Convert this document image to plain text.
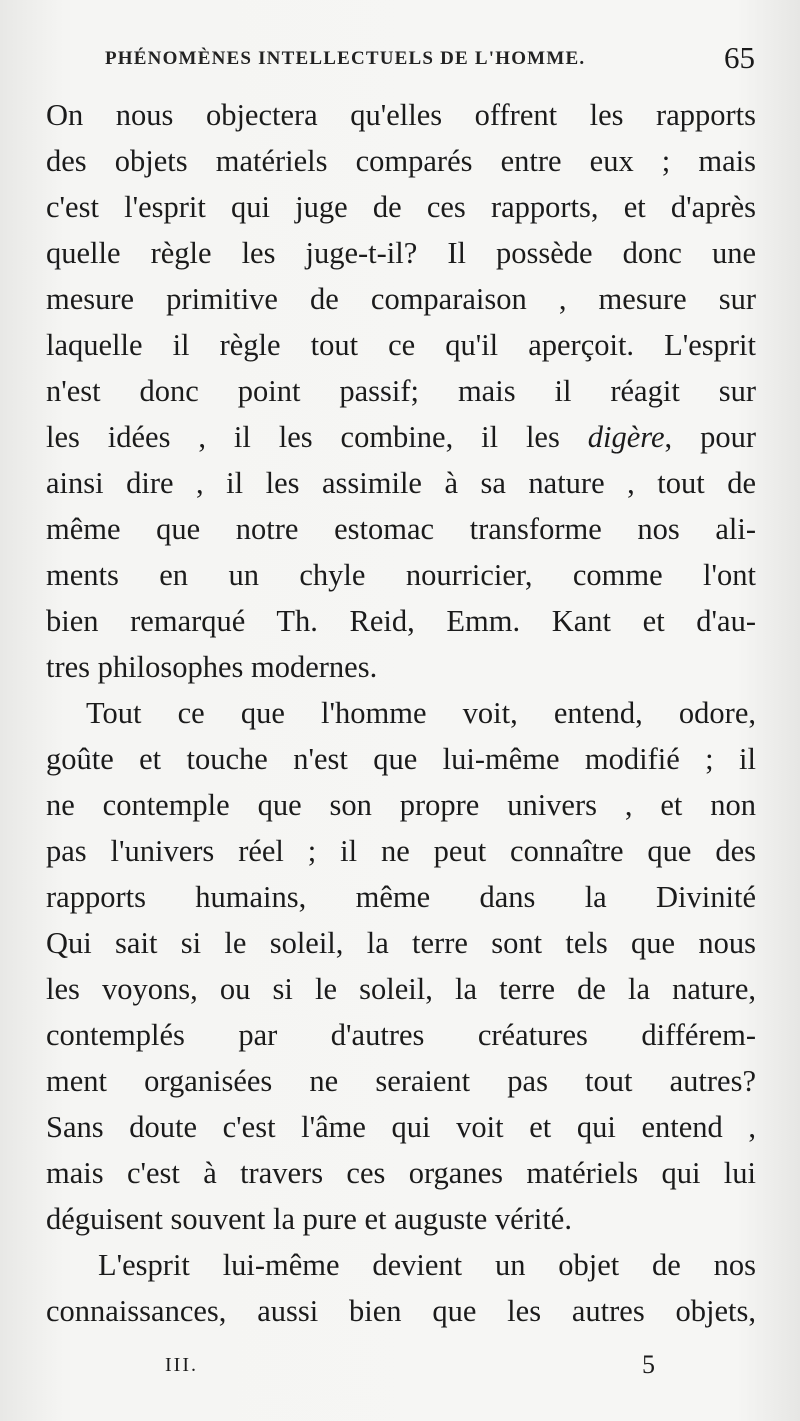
PHÉNOMÈNES INTELLECTUELS DE L'HOMME.	65
On nous objectera qu'elles offrent les rapports
des objets matériels comparés entre eux ; mais
c'est l'esprit qui juge de ces rapports, et d'après
quelle règle les juge-t-il? Il possède donc une
mesure primitive de comparaison , mesure sur
laquelle il règle tout ce qu'il aperçoit. L'esprit
n'est donc point passif; mais il réagit sur
les idées , il les combine, il les digère, pour
ainsi dire , il les assimile à sa nature , tout de
même que notre estomac transforme nos ali-
ments en un chyle nourricier, comme l'ont
bien remarqué Th. Reid, Emm. Kant et d'au-
tres philosophes modernes.
Tout ce que l'homme voit, entend, odore,
goûte et touche n'est que lui-même modifié ; il
ne contemple que son propre univers , et non
pas l'univers réel ; il ne peut connaître que des
rapports humains, même dans la Divinité
Qui sait si le soleil, la terre sont tels que nous
les voyons, ou si le soleil, la terre de la nature,
contemplés par d'autres créatures différem-
ment organisées ne seraient pas tout autres?
Sans doute c'est l'âme qui voit et qui entend ,
mais c'est à travers ces organes matériels qui lui
déguisent souvent la pure et auguste vérité.
L'esprit lui-même devient un objet de nos
connaissances, aussi bien que les autres objets,
III.	5
